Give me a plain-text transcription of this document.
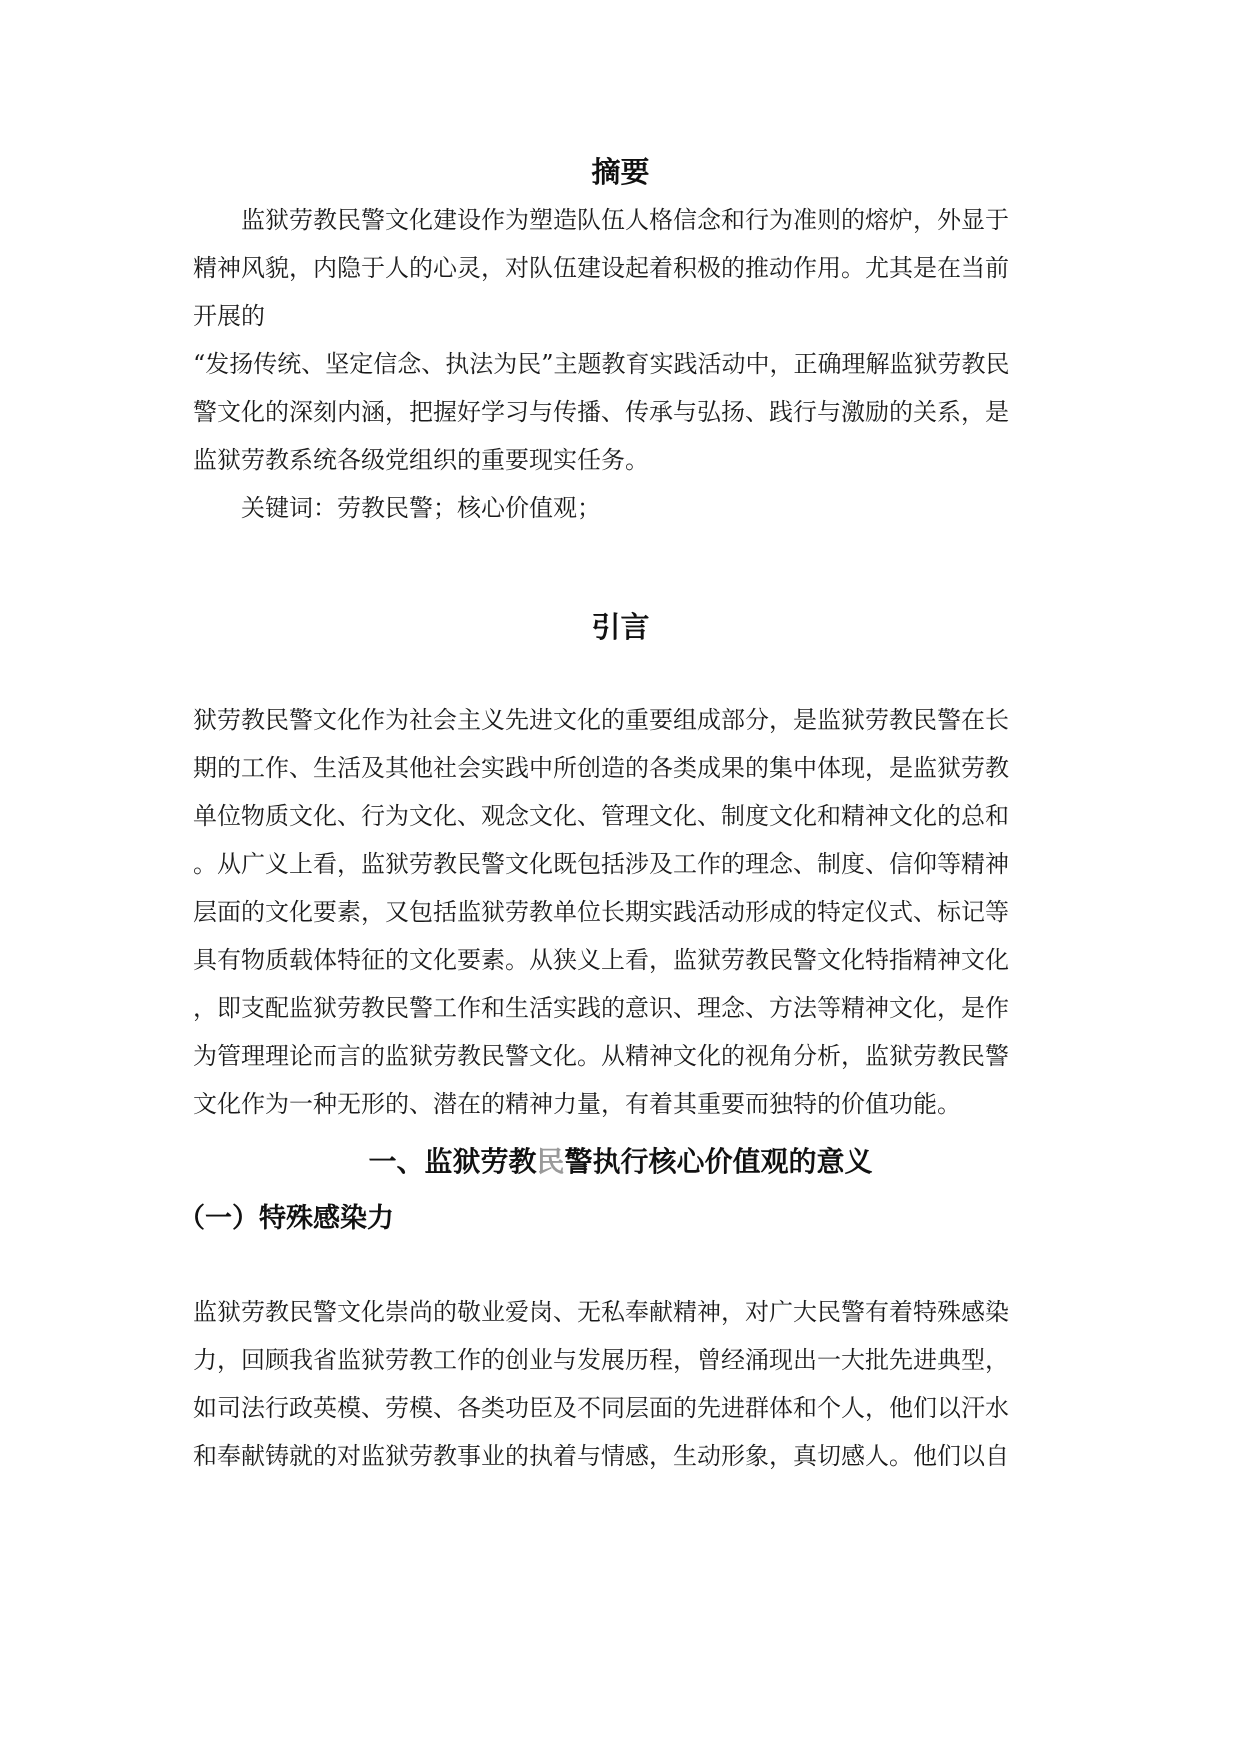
摘要
监狱劳教民警文化建设作为塑造队伍人格信念和行为准则的熔炉，外显于
精神风貌，内隐于人的心灵，对队伍建设起着积极的推动作用。尤其是在当前
开展的
“发扬传统、坚定信念、执法为民”主题教育实践活动中，正确理解监狱劳教民
警文化的深刻内涵，把握好学习与传播、传承与弘扬、践行与激励的关系，是
监狱劳教系统各级党组织的重要现实任务。
关键词：劳教民警；核心价值观；
引言
狱劳教民警文化作为社会主义先进文化的重要组成部分，是监狱劳教民警在长
期的工作、生活及其他社会实践中所创造的各类成果的集中体现，是监狱劳教
单位物质文化、行为文化、观念文化、管理文化、制度文化和精神文化的总和
。从广义上看，监狱劳教民警文化既包括涉及工作的理念、制度、信仰等精神
层面的文化要素，又包括监狱劳教单位长期实践活动形成的特定仪式、标记等
具有物质载体特征的文化要素。从狭义上看，监狱劳教民警文化特指精神文化
，即支配监狱劳教民警工作和生活实践的意识、理念、方法等精神文化，是作
为管理理论而言的监狱劳教民警文化。从精神文化的视角分析，监狱劳教民警
文化作为一种无形的、潜在的精神力量，有着其重要而独特的价值功能。
一、监狱劳教民警执行核心价值观的意义
（一）特殊感染力
监狱劳教民警文化崇尚的敬业爱岗、无私奉献精神，对广大民警有着特殊感染
力，回顾我省监狱劳教工作的创业与发展历程，曾经涌现出一大批先进典型，
如司法行政英模、劳模、各类功臣及不同层面的先进群体和个人，他们以汗水
和奉献铸就的对监狱劳教事业的执着与情感，生动形象，真切感人。他们以自
